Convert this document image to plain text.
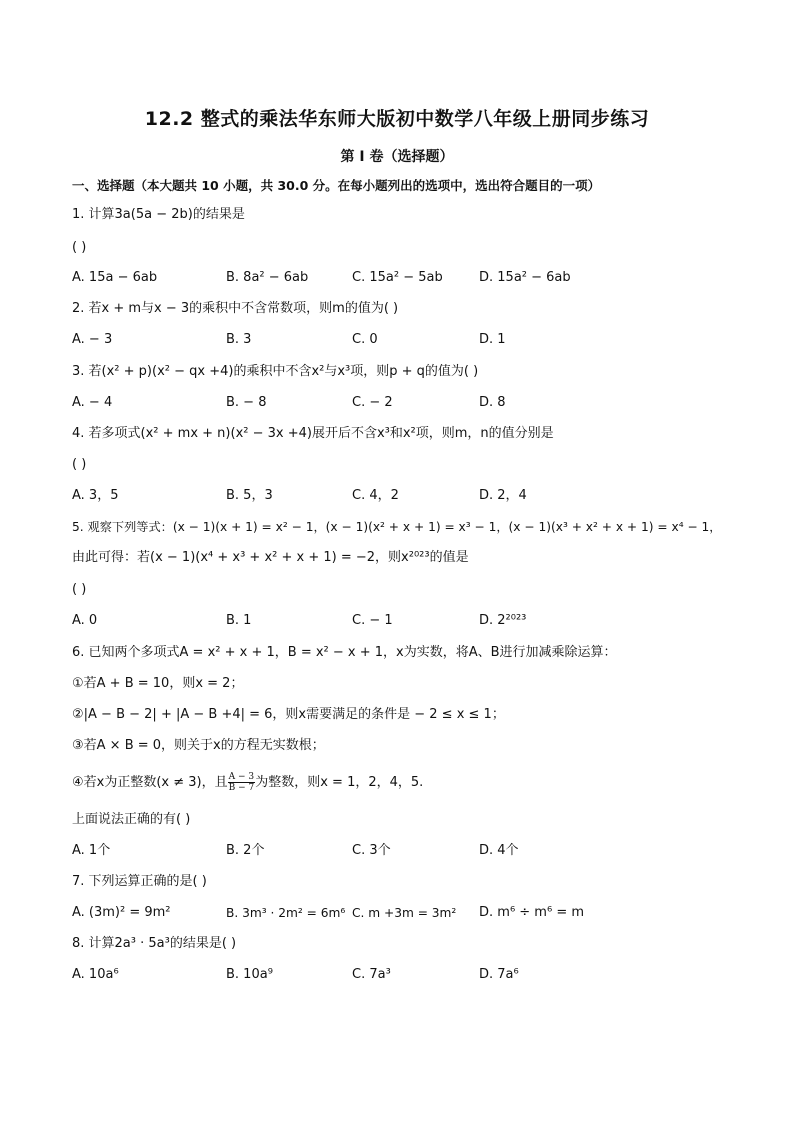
12.2 整式的乘法华东师大版初中数学八年级上册同步练习
第 I 卷（选择题）
一、选择题（本大题共 10 小题，共 30.0 分。在每小题列出的选项中，选出符合题目的一项）
1. 计算3a(5a − 2b)的结果是
( )
A. 15a − 6ab	B. 8a² − 6ab	C. 15a² − 5ab	D. 15a² − 6ab
2. 若x + m与x − 3的乘积中不含常数项，则m的值为( )
A. − 3	B. 3	C. 0	D. 1
3. 若(x² + p)(x² − qx +4)的乘积中不含x²与x³项，则p + q的值为( )
A. − 4	B. − 8	C. − 2	D. 8
4. 若多项式(x² + mx + n)(x² − 3x +4)展开后不含x³和x²项，则m，n的值分别是
( )
A. 3，5	B. 5，3	C. 4，2	D. 2，4
5. 观察下列等式：(x − 1)(x + 1) = x² − 1，(x − 1)(x² + x + 1) = x³ − 1，(x − 1)(x³ + x² + x + 1) = x⁴ − 1，
由此可得：若(x − 1)(x⁴ + x³ + x² + x + 1) = −2，则x²⁰²³的值是
( )
A. 0	B. 1	C. − 1	D. 2²⁰²³
6. 已知两个多项式A = x² + x + 1，B = x² − x + 1，x为实数，将A、B进行加减乘除运算：
①若A + B = 10，则x = 2；
②|A − B − 2| + |A − B +4| = 6，则x需要满足的条件是 − 2 ≤ x ≤ 1；
③若A × B = 0，则关于x的方程无实数根；
④若x为正整数(x ≠ 3)，且 $\frac{A - 3}{B - 7}$ 为整数，则x = 1，2，4，5.
上面说法正确的有( )
A. 1个	B. 2个	C. 3个	D. 4个
7. 下列运算正确的是( )
A. (3m)² = 9m²	B. 3m³ · 2m² = 6m⁶ C. m +3m = 3m² D. m⁶ ÷ m⁶ = m
8. 计算2a³ · 5a³的结果是( )
A. 10a⁶	B. 10a⁹	C. 7a³	D. 7a⁶
